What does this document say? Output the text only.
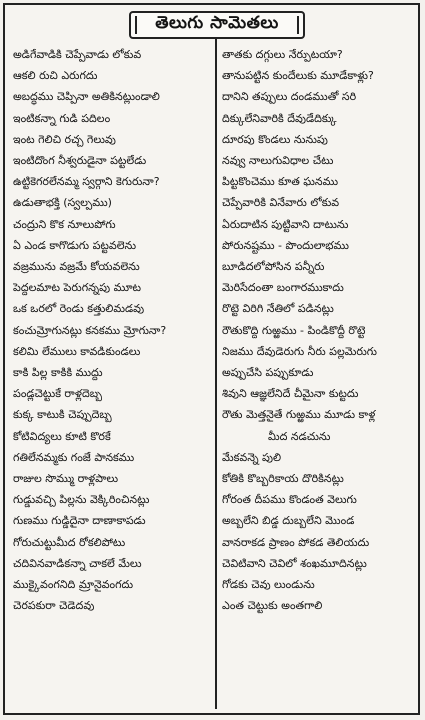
తెలుగు సామెతలు
అడిగేవాడికి చెప్పేవాడు లోకువ
ఆకలి రుచి ఎరుగదు
అబద్ధము చెప్పినా అతికినట్లుండాలి
ఇంటికన్నా గుడి పదిలం
ఇంట గెలిచి రచ్చ గెలువు
ఇంటిదొంగ నీశ్వరుడైనా పట్టలేడు
ఉట్టికెగరలేనమ్మ స్వర్గాని కెగురునా?
ఉడుతాభక్తి (స్వల్పము)
చంద్రుని కొక నూలుపోగు
ఏ ఎండ కాగొడుగు పట్టవలెను
వజ్రమును వజ్రమే కోయవలెను
పెద్దలమాట పెరుగన్నపు మూట
ఒక ఒరలో రెండు కత్తులిమడవు
కంచుమ్రోగునట్లు కనకము మ్రోగునా?
కలిమి లేములు కావడికుండలు
కాకి పిల్ల కాకికి ముద్దు
పండ్లచెట్టుకే రాళ్లదెబ్బ
కుక్క కాటుకి చెప్పుదెబ్బ
కోటివిద్యలు కూటి కొరకే
గతిలేనమ్మకు గంజే పానకము
రాజుల సొమ్ము రాళ్లపాలు
గుడ్డువచ్చి పిల్లను వెక్కిరించినట్లు
గుణము గుడ్డిదైనా దాణాకాపడు
గోరుచుట్టుమీద రోకలిపోటు
చదివినవాడికన్నా చాకలే మేలు
ముక్కైవంగనిది మ్రానైవంగదు
చెరపకురా చెడెదవు
తాతకు దగ్గులు నేర్పుటయా?
తానుపట్టిన కుందేలుకు మూడేకాళ్లు?
దానిని తప్పులు దండముతో సరి
దిక్కులేనివారికి దేవుడేదిక్కు
దూరపు కొండలు నునుపు
నవ్వు నాలుగువిధాల చేటు
పిట్టకొంచెము కూత ఘనము
చెప్పేవారికి వినేవారు లోకువ
ఏరుదాటిన పుట్టివాని దాటును
పోరునష్టము - పొందులాభము
బూడిదలోపోసిన పన్నీరు
మెరిసేదంతా బంగారముకాదు
రొట్టె విరిగి నేతిలో పడినట్లు
రౌతుకొద్ది గుఱ్ఱము - పిండికొద్దీ రొట్టె
నిజము దేవుడెరుగు నీరు పల్లమెరుగు
అప్పుచేసి పప్పుకూడు
శివుని ఆజ్ఞలేనిదే చీమైనా కుట్టదు
రౌతు మెత్తనైతే గుఱ్ఱము మూడు కాళ్ల
మీద నడచును
మేకవన్నె పులి
కోతికి కొబ్బరికాయ దొరికినట్లు
గోరంత దీపము కొండంత వెలుగు
అబ్బలేని బిడ్డ దుబ్బలేని మొండ
వానరాకడ ప్రాణం పోకడ తెలియదు
చెవిటివాని చెవిలో శంఖమూదినట్లు
గోడకు చెవు లుండును
ఎంత చెట్టుకు అంతగాలి
